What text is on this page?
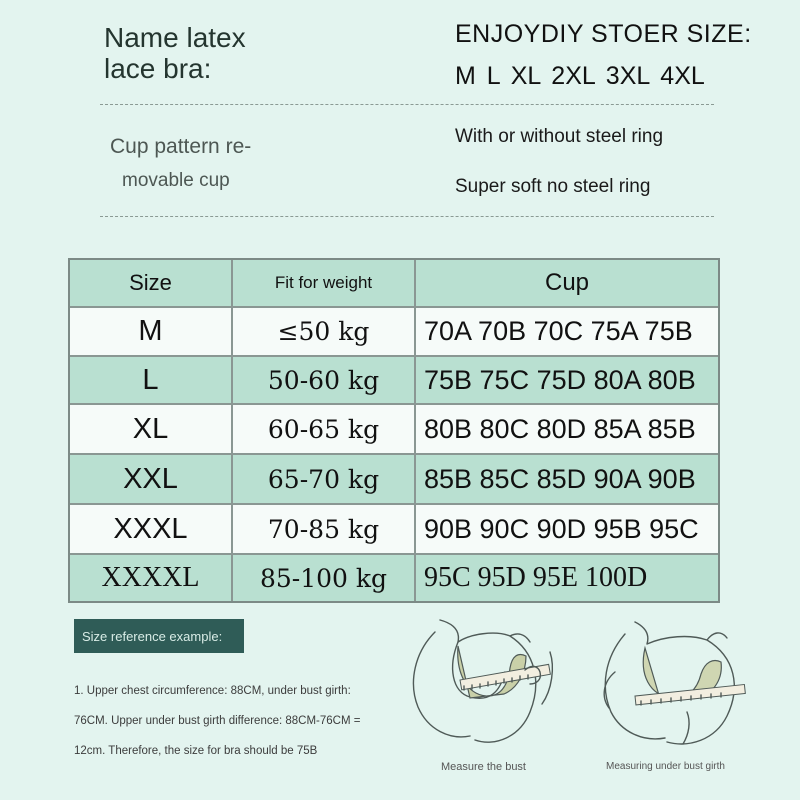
Name latex
lace bra:
ENJOYDIY STOER SIZE:
M L XL 2XL 3XL 4XL
Cup pattern re-
movable cup
With or without steel ring
Super soft no steel ring
Size	Fit for weight	Cup
M	≤50 kg	70A 70B 70C 75A 75B
L	50-60 kg	75B 75C 75D 80A 80B
XL	60-65 kg	80B 80C 80D 85A 85B
XXL	65-70 kg	85B 85C 85D 90A 90B
XXXL	70-85 kg	90B 90C 90D 95B 95C
XXXXL	85-100 kg	95C 95D 95E 100D
Size reference example:
1. Upper chest circumference: 88CM, under bust girth:
76CM. Upper under bust girth difference: 88CM-76CM =
12cm. Therefore, the size for bra should be 75B
Measure the bust	Measuring under bust girth
